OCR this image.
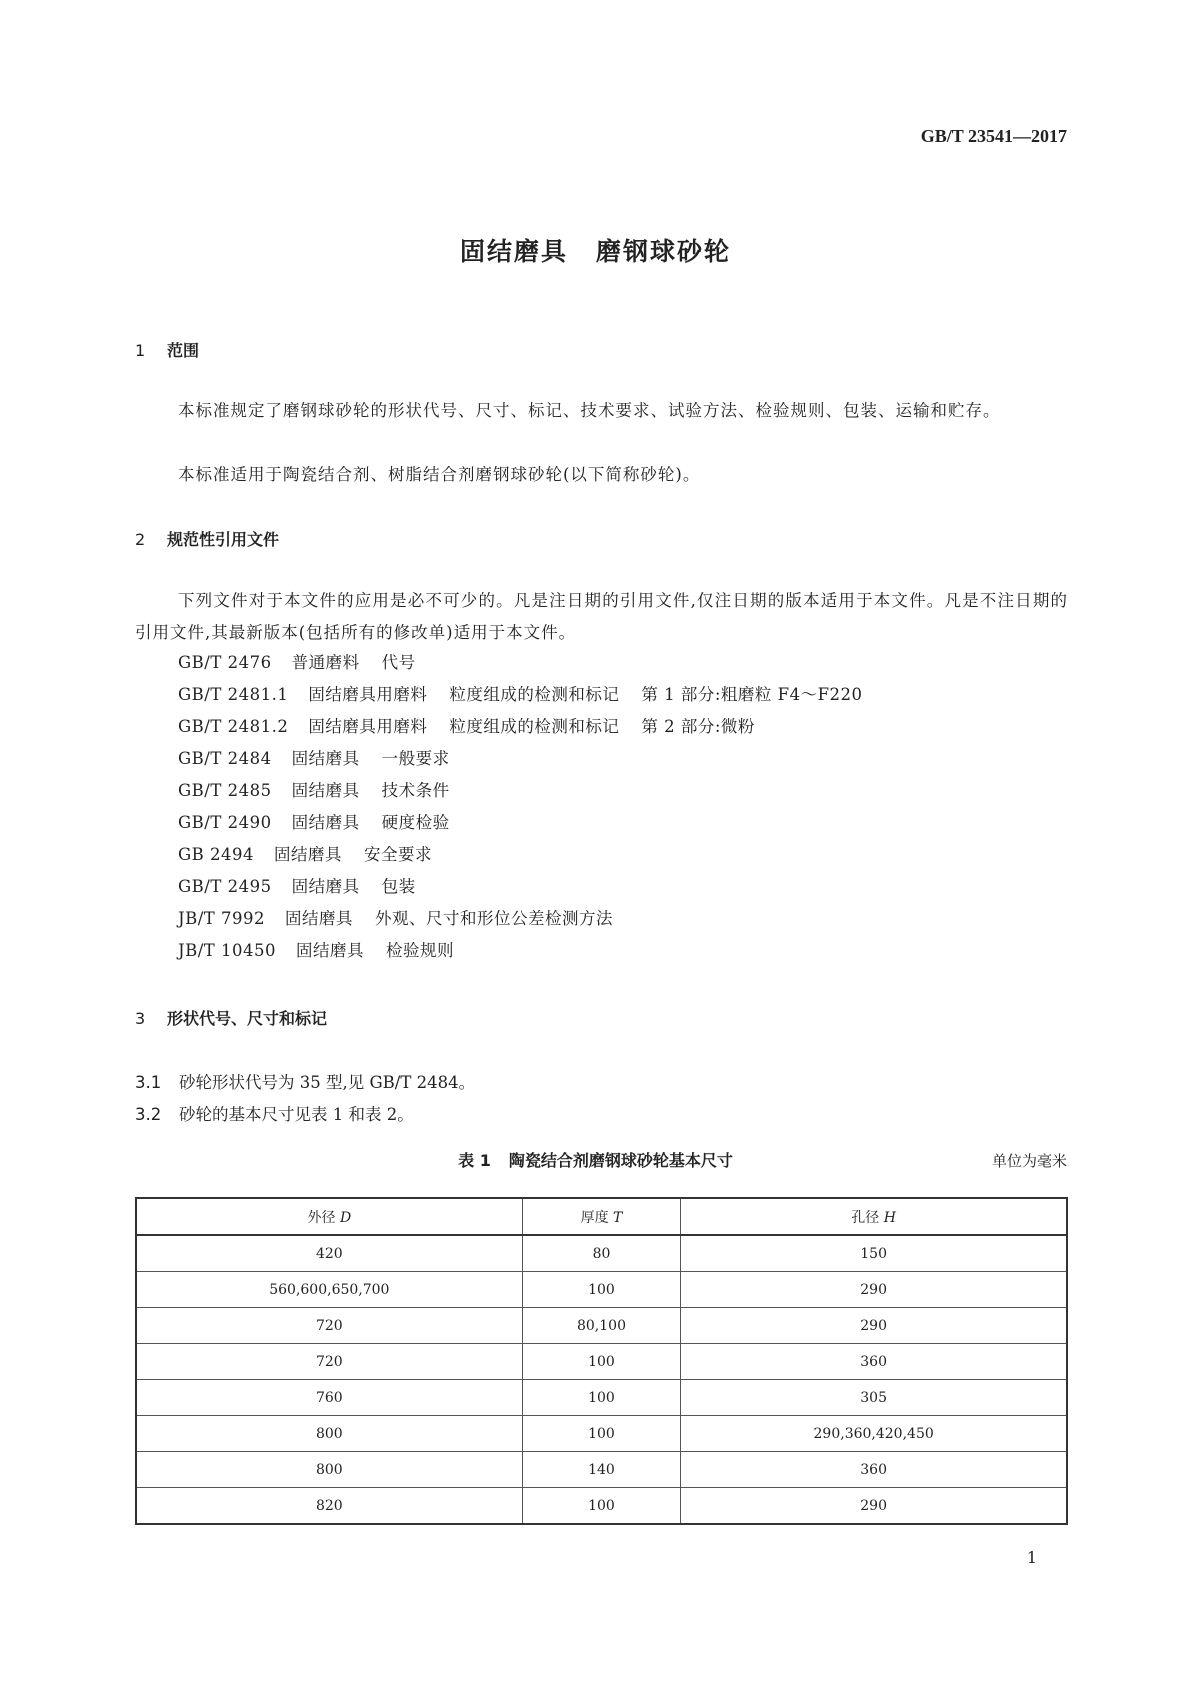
GB/T 23541—2017
固结磨具 磨钢球砂轮
1 范围
本标准规定了磨钢球砂轮的形状代号、尺寸、标记、技术要求、试验方法、检验规则、包装、运输和贮存。
本标准适用于陶瓷结合剂、树脂结合剂磨钢球砂轮(以下简称砂轮)。
2 规范性引用文件
下列文件对于本文件的应用是必不可少的。凡是注日期的引用文件,仅注日期的版本适用于本文件。凡是不注日期的引用文件,其最新版本(包括所有的修改单)适用于本文件。
GB/T 2476 普通磨料 代号
GB/T 2481.1 固结磨具用磨料 粒度组成的检测和标记 第 1 部分:粗磨粒 F4～F220
GB/T 2481.2 固结磨具用磨料 粒度组成的检测和标记 第 2 部分:微粉
GB/T 2484 固结磨具 一般要求
GB/T 2485 固结磨具 技术条件
GB/T 2490 固结磨具 硬度检验
GB 2494 固结磨具 安全要求
GB/T 2495 固结磨具 包装
JB/T 7992 固结磨具 外观、尺寸和形位公差检测方法
JB/T 10450 固结磨具 检验规则
3 形状代号、尺寸和标记
3.1 砂轮形状代号为 35 型,见 GB/T 2484。
3.2 砂轮的基本尺寸见表 1 和表 2。
表 1 陶瓷结合剂磨钢球砂轮基本尺寸	单位为毫米
外径 D	厚度 T	孔径 H
420	80	150
560,600,650,700	100	290
720	80,100	290
720	100	360
760	100	305
800	100	290,360,420,450
800	140	360
820	100	290
1
